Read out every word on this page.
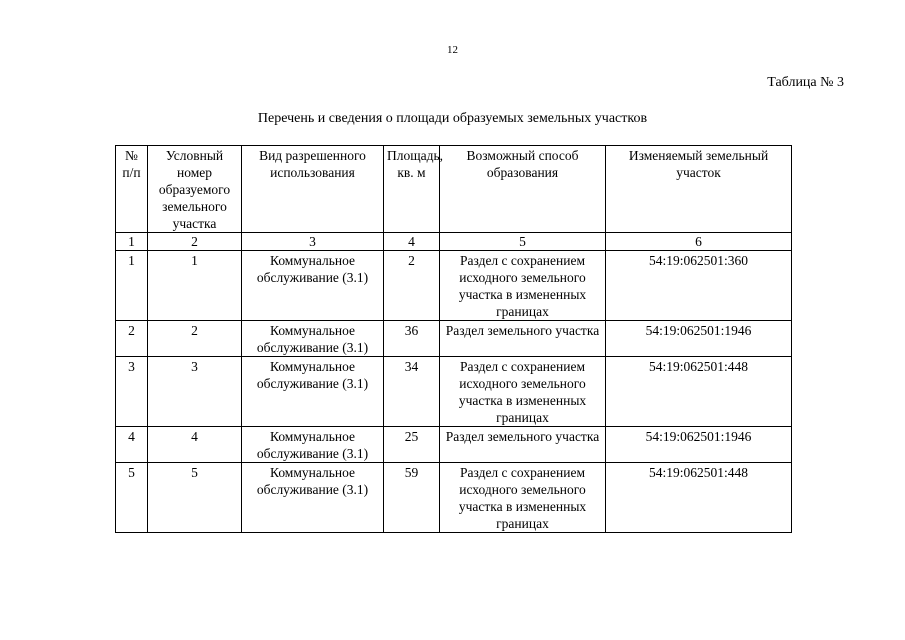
12
Таблица № 3
Перечень и сведения о площади образуемых земельных участков
№ п/п	Условный номер образуемого земельного участка	Вид разрешенного использования	Площадь, кв. м	Возможный способ образования	Изменяемый земельный участок
1	2	3	4	5	6
1	1	Коммунальное обслуживание (3.1)	2	Раздел с сохранением исходного земельного участка в измененных границах	54:19:062501:360
2	2	Коммунальное обслуживание (3.1)	36	Раздел земельного участка	54:19:062501:1946
3	3	Коммунальное обслуживание (3.1)	34	Раздел с сохранением исходного земельного участка в измененных границах	54:19:062501:448
4	4	Коммунальное обслуживание (3.1)	25	Раздел земельного участка	54:19:062501:1946
5	5	Коммунальное обслуживание (3.1)	59	Раздел с сохранением исходного земельного участка в измененных границах	54:19:062501:448
